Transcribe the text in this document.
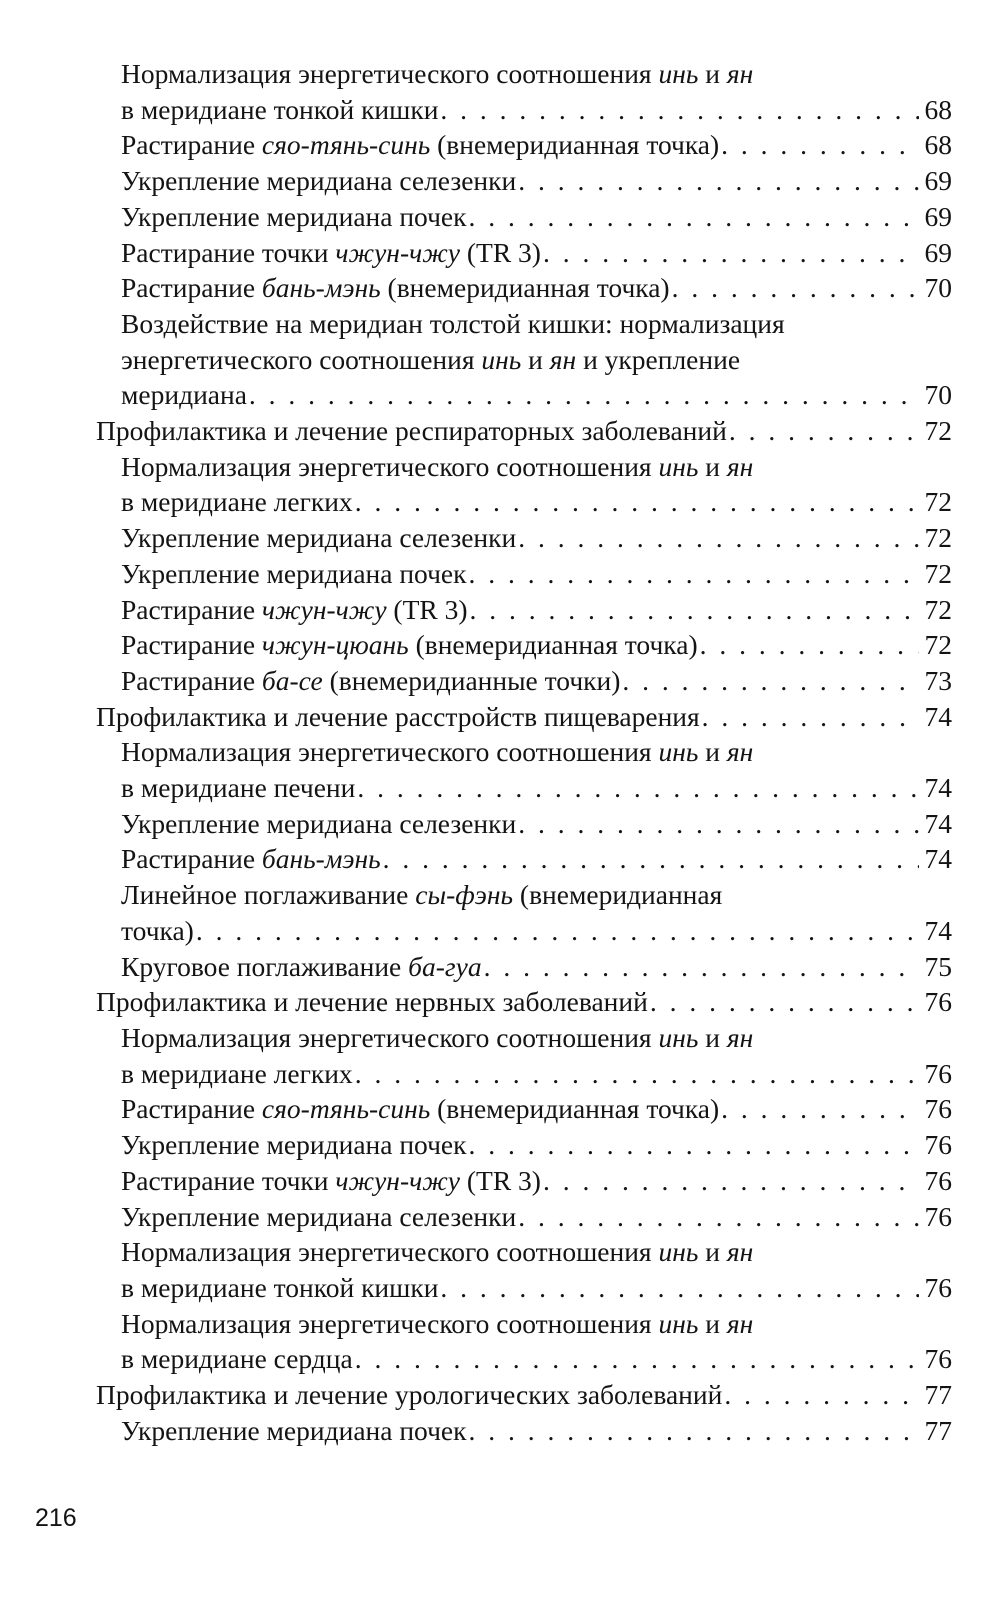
Нормализация энергетического соотношения инь и ян
в меридиане тонкой кишки . . .	68
Растирание сяо-тянь-синь (внемеридианная точка) . . .	68
Укрепление меридиана селезенки . . .	69
Укрепление меридиана почек . . .	69
Растирание точки чжун-чжу (TR 3) . . .	69
Растирание бань-мэнь (внемеридианная точка) . . .	70
Воздействие на меридиан толстой кишки: нормализация
энергетического соотношения инь и ян и укрепление
меридиана . . .	70
Профилактика и лечение респираторных заболеваний . . .	72
Нормализация энергетического соотношения инь и ян
в меридиане легких . . .	72
Укрепление меридиана селезенки . . .	72
Укрепление меридиана почек . . .	72
Растирание чжун-чжу (TR 3) . . .	72
Растирание чжун-цюань (внемеридианная точка) . . .	72
Растирание ба-се (внемеридианные точки) . . .	73
Профилактика и лечение расстройств пищеварения . . .	74
Нормализация энергетического соотношения инь и ян
в меридиане печени . . .	74
Укрепление меридиана селезенки . . .	74
Растирание бань-мэнь . . .	74
Линейное поглаживание сы-фэнь (внемеридианная
точка) . . .	74
Круговое поглаживание ба-гуа . . .	75
Профилактика и лечение нервных заболеваний . . .	76
Нормализация энергетического соотношения инь и ян
в меридиане легких . . .	76
Растирание сяо-тянь-синь (внемеридианная точка) . . .	76
Укрепление меридиана почек . . .	76
Растирание точки чжун-чжу (TR 3) . . .	76
Укрепление меридиана селезенки . . .	76
Нормализация энергетического соотношения инь и ян
в меридиане тонкой кишки . . .	76
Нормализация энергетического соотношения инь и ян
в меридиане сердца . . .	76
Профилактика и лечение урологических заболеваний . . .	77
Укрепление меридиана почек . . .	77
216
